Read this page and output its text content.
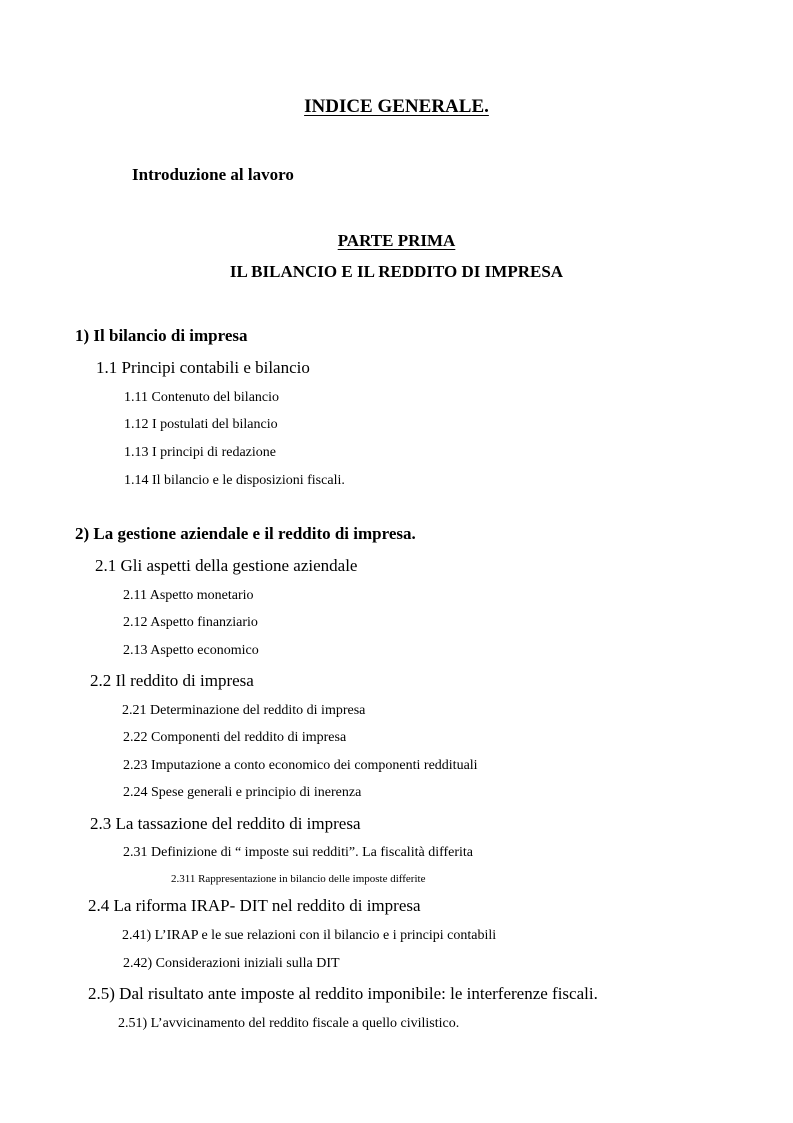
INDICE GENERALE.
Introduzione al lavoro
PARTE PRIMA
IL BILANCIO E IL REDDITO DI IMPRESA
1) Il bilancio di impresa
1.1 Principi contabili e bilancio
1.11 Contenuto del bilancio
1.12 I postulati del bilancio
1.13 I principi di redazione
1.14 Il bilancio e le disposizioni fiscali.
2) La gestione aziendale e il reddito di impresa.
2.1 Gli aspetti della gestione aziendale
2.11 Aspetto monetario
2.12 Aspetto finanziario
2.13 Aspetto economico
2.2 Il reddito di impresa
2.21 Determinazione del reddito di impresa
2.22 Componenti del reddito di impresa
2.23 Imputazione a conto economico dei componenti reddituali
2.24 Spese generali e principio di inerenza
2.3 La tassazione del reddito di impresa
2.31 Definizione di “ imposte sui redditi”. La fiscalità differita
2.311 Rappresentazione in bilancio delle imposte differite
2.4 La riforma IRAP- DIT nel reddito di impresa
2.41) L’IRAP e le sue relazioni con il bilancio e i principi contabili
2.42) Considerazioni iniziali sulla DIT
2.5) Dal risultato ante imposte al reddito imponibile: le interferenze fiscali.
2.51) L’avvicinamento del reddito fiscale a quello civilistico.
